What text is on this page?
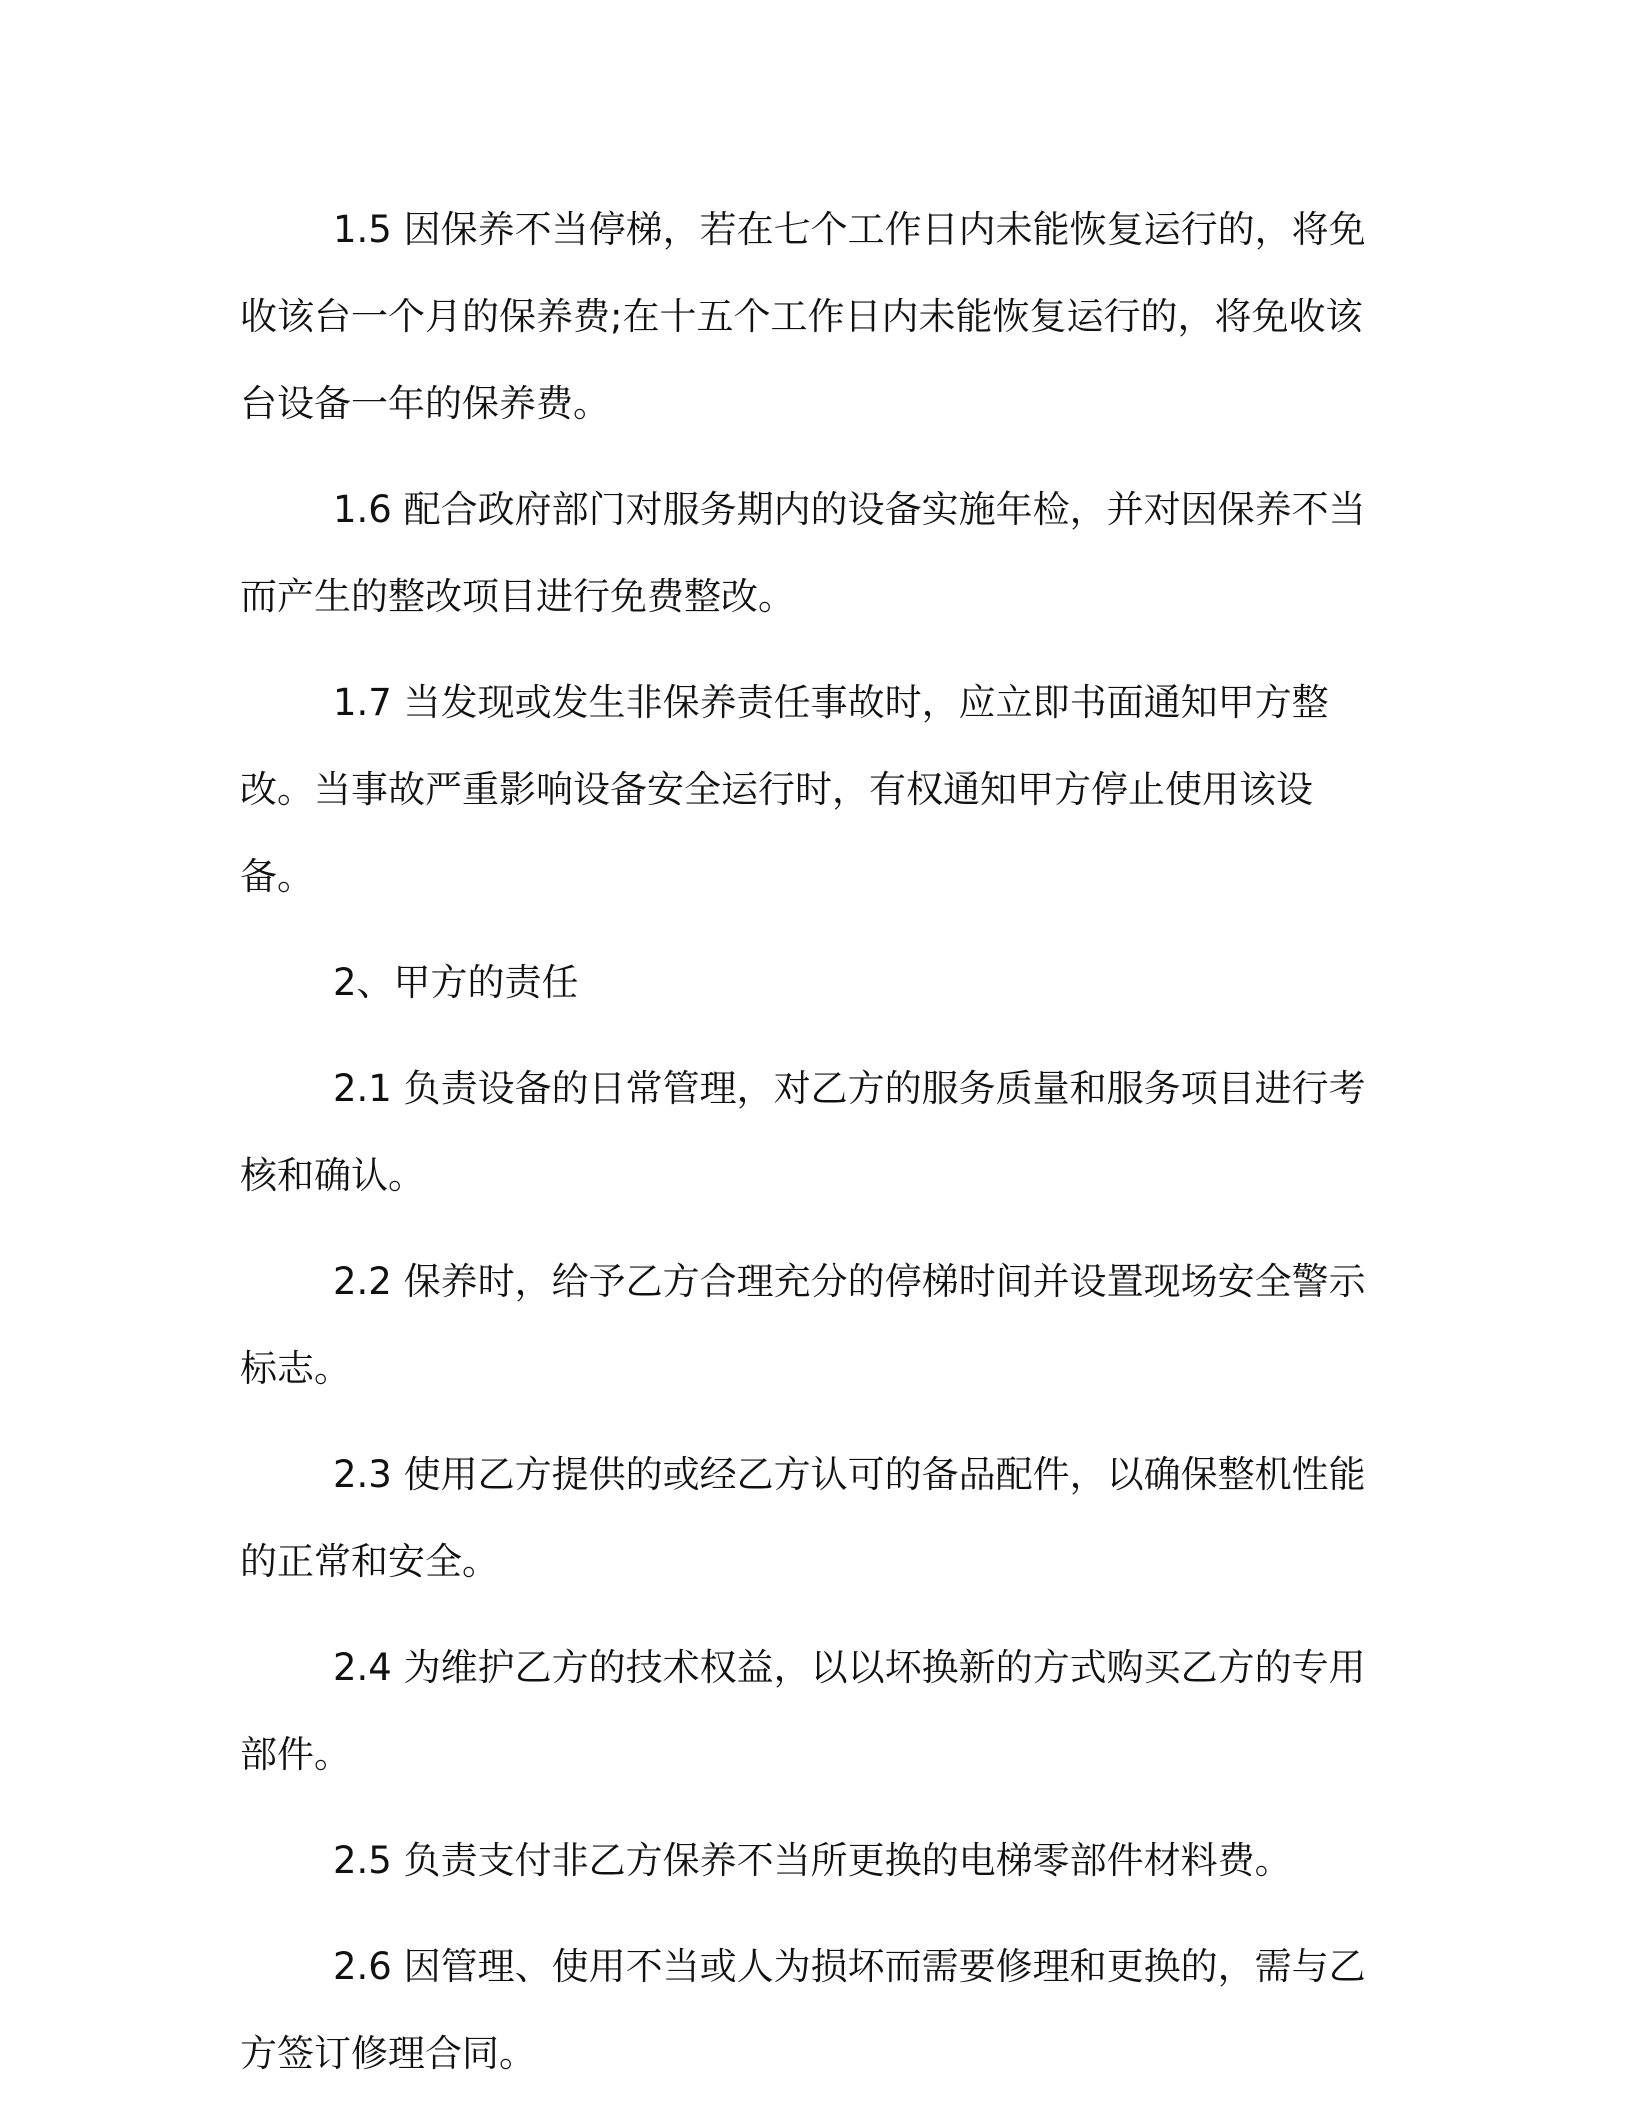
1.5 因保养不当停梯，若在七个工作日内未能恢复运行的，将免收该台一个月的保养费;在十五个工作日内未能恢复运行的，将免收该台设备一年的保养费。

1.6 配合政府部门对服务期内的设备实施年检，并对因保养不当而产生的整改项目进行免费整改。

1.7 当发现或发生非保养责任事故时，应立即书面通知甲方整改。当事故严重影响设备安全运行时，有权通知甲方停止使用该设备。

2、甲方的责任

2.1 负责设备的日常管理，对乙方的服务质量和服务项目进行考核和确认。

2.2 保养时，给予乙方合理充分的停梯时间并设置现场安全警示标志。

2.3 使用乙方提供的或经乙方认可的备品配件，以确保整机性能的正常和安全。

2.4 为维护乙方的技术权益，以以坏换新的方式购买乙方的专用部件。

2.5 负责支付非乙方保养不当所更换的电梯零部件材料费。

2.6 因管理、使用不当或人为损坏而需要修理和更换的，需与乙方签订修理合同。
